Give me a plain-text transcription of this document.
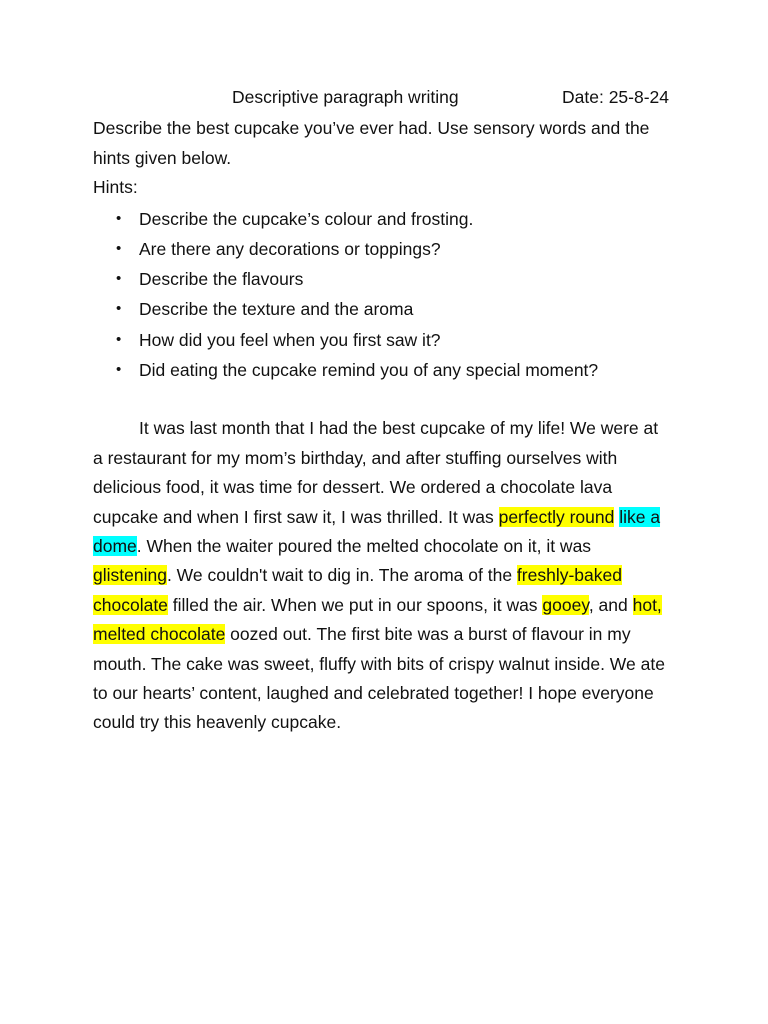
Descriptive paragraph writing	Date: 25-8-24

Describe the best cupcake you’ve ever had. Use sensory words and the hints given below.

Hints:

• Describe the cupcake’s colour and frosting.
• Are there any decorations or toppings?
• Describe the flavours
• Describe the texture and the aroma
• How did you feel when you first saw it?
• Did eating the cupcake remind you of any special moment?

It was last month that I had the best cupcake of my life! We were at a restaurant for my mom’s birthday, and after stuffing ourselves with delicious food, it was time for dessert. We ordered a chocolate lava cupcake and when I first saw it, I was thrilled. It was perfectly round like a dome. When the waiter poured the melted chocolate on it, it was glistening. We couldn't wait to dig in. The aroma of the freshly-baked chocolate filled the air. When we put in our spoons, it was gooey, and hot, melted chocolate oozed out. The first bite was a burst of flavour in my mouth. The cake was sweet, fluffy with bits of crispy walnut inside. We ate to our hearts’ content, laughed and celebrated together! I hope everyone could try this heavenly cupcake.
